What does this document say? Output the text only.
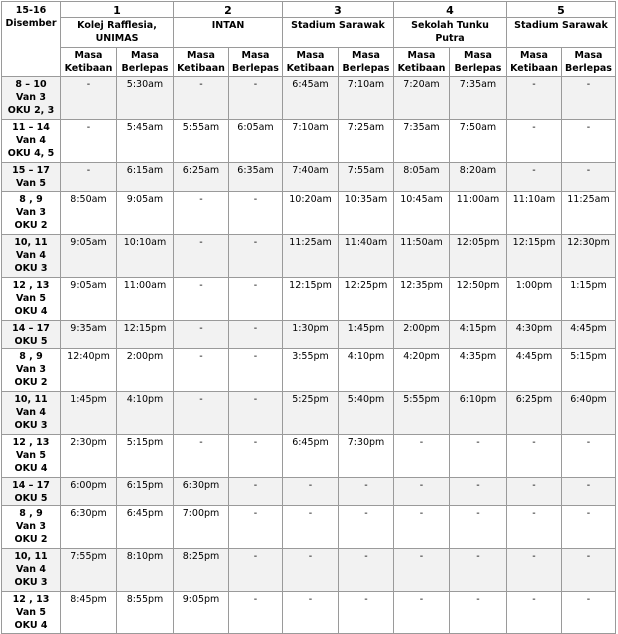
15-16 Disember	1		2		3		4		5	
	Kolej Rafflesia, UNIMAS		INTAN		Stadium Sarawak		Sekolah Tunku Putra		Stadium Sarawak	
	Masa Ketibaan	Masa Berlepas	Masa Ketibaan	Masa Berlepas	Masa Ketibaan	Masa Berlepas	Masa Ketibaan	Masa Berlepas	Masa Ketibaan	Masa Berlepas

8 – 10
Van 3
OKU 2, 3	-	5:30am	-	-	6:45am	7:10am	7:20am	7:35am	-	-

11 – 14
Van 4
OKU 4, 5	-	5:45am	5:55am	6:05am	7:10am	7:25am	7:35am	7:50am	-	-

15 – 17
Van 5	-	6:15am	6:25am	6:35am	7:40am	7:55am	8:05am	8:20am	-	-

8 , 9
Van 3
OKU 2	8:50am	9:05am	-	-	10:20am	10:35am	10:45am	11:00am	11:10am	11:25am

10, 11
Van 4
OKU 3	9:05am	10:10am	-	-	11:25am	11:40am	11:50am	12:05pm	12:15pm	12:30pm

12 , 13
Van 5
OKU 4	9:05am	11:00am	-	-	12:15pm	12:25pm	12:35pm	12:50pm	1:00pm	1:15pm

14 – 17
OKU 5	9:35am	12:15pm	-	-	1:30pm	1:45pm	2:00pm	4:15pm	4:30pm	4:45pm

8 , 9
Van 3
OKU 2	12:40pm	2:00pm	-	-	3:55pm	4:10pm	4:20pm	4:35pm	4:45pm	5:15pm

10, 11
Van 4
OKU 3	1:45pm	4:10pm	-	-	5:25pm	5:40pm	5:55pm	6:10pm	6:25pm	6:40pm

12 , 13
Van 5
OKU 4	2:30pm	5:15pm	-	-	6:45pm	7:30pm	-	-	-	-

14 – 17
OKU 5	6:00pm	6:15pm	6:30pm	-	-	-	-	-	-	-

8 , 9
Van 3
OKU 2	6:30pm	6:45pm	7:00pm	-	-	-	-	-	-	-

10, 11
Van 4
OKU 3	7:55pm	8:10pm	8:25pm	-	-	-	-	-	-	-

12 , 13
Van 5
OKU 4	8:45pm	8:55pm	9:05pm	-	-	-	-	-	-	-
